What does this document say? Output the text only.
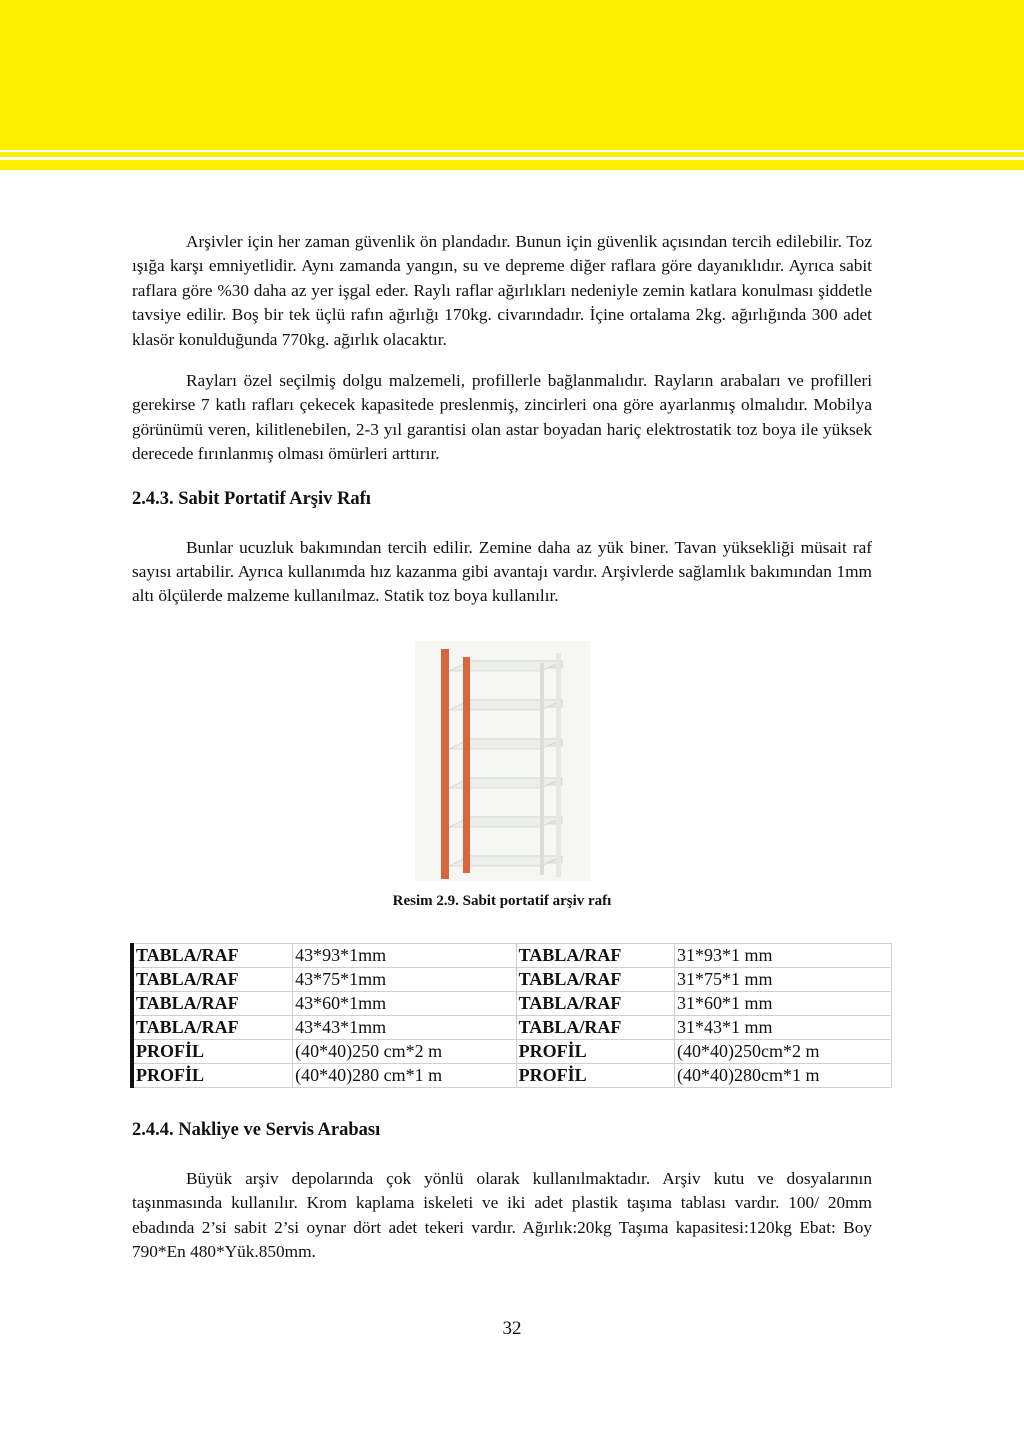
Arşivler için her zaman güvenlik ön plandadır. Bunun için güvenlik açısından tercih edilebilir. Toz ışığa karşı emniyetlidir. Aynı zamanda yangın, su ve depreme diğer raflara göre dayanıklıdır. Ayrıca sabit raflara göre %30 daha az yer işgal eder. Raylı raflar ağırlıkları nedeniyle zemin katlara konulması şiddetle tavsiye edilir. Boş bir tek üçlü rafın ağırlığı 170kg. civarındadır. İçine ortalama 2kg. ağırlığında 300 adet klasör konulduğunda 770kg. ağırlık olacaktır.

Rayları özel seçilmiş dolgu malzemeli, profillerle bağlanmalıdır. Rayların arabaları ve profilleri gerekirse 7 katlı rafları çekecek kapasitede preslenmiş, zincirleri ona göre ayarlanmış olmalıdır. Mobilya görünümü veren, kilitlenebilen, 2-3 yıl garantisi olan astar boyadan hariç elektrostatik toz boya ile yüksek derecede fırınlanmış olması ömürleri arttırır.

2.4.3. Sabit Portatif Arşiv Rafı

Bunlar ucuzluk bakımından tercih edilir. Zemine daha az yük biner. Tavan yüksekliği müsait raf sayısı artabilir. Ayrıca kullanımda hız kazanma gibi avantajı vardır. Arşivlerde sağlamlık bakımından 1mm altı ölçülerde malzeme kullanılmaz. Statik toz boya kullanılır.

Resim 2.9. Sabit portatif arşiv rafı
TABLA/RAF	43*93*1mm	TABLA/RAF	31*93*1 mm
TABLA/RAF	43*75*1mm	TABLA/RAF	31*75*1 mm
TABLA/RAF	43*60*1mm	TABLA/RAF	31*60*1 mm
TABLA/RAF	43*43*1mm	TABLA/RAF	31*43*1 mm
PROFİL	(40*40)250 cm*2 m	PROFİL	(40*40)250cm*2 m
PROFİL	(40*40)280 cm*1 m	PROFİL	(40*40)280cm*1 m
2.4.4. Nakliye ve Servis Arabası

Büyük arşiv depolarında çok yönlü olarak kullanılmaktadır. Arşiv kutu ve dosyalarının taşınmasında kullanılır. Krom kaplama iskeleti ve iki adet plastik taşıma tablası vardır. 100/ 20mm ebadında 2’si sabit 2’si oynar dört adet tekeri vardır. Ağırlık:20kg Taşıma kapasitesi:120kg Ebat: Boy 790*En 480*Yük.850mm.

32
